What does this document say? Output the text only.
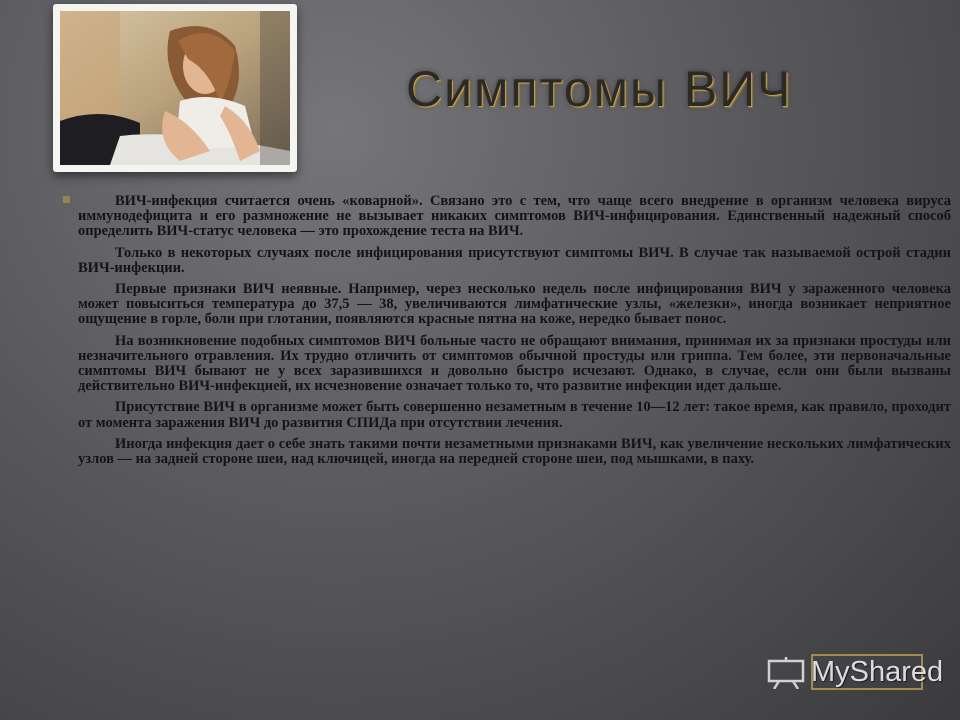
Симптомы ВИЧ
■	ВИЧ-инфекция считается очень «коварной». Связано это с тем, что чаще всего внедрение в организм человека вируса иммунодефицита и его размножение не вызывает никаких симптомов ВИЧ-инфицирования. Единственный надежный способ определить ВИЧ-статус человека — это прохождение теста на ВИЧ.

Только в некоторых случаях после инфицирования присутствуют симптомы ВИЧ. В случае так называемой острой стадии ВИЧ-инфекции.

Первые признаки ВИЧ неявные. Например, через несколько недель после инфицирования ВИЧ у зараженного человека может повыситься температура до 37,5 — 38, увеличиваются лимфатические узлы, «железки», иногда возникает неприятное ощущение в горле, боли при глотании, появляются красные пятна на коже, нередко бывает понос.

На возникновение подобных симптомов ВИЧ больные часто не обращают внимания, принимая их за признаки простуды или незначительного отравления. Их трудно отличить от симптомов обычной простуды или гриппа. Тем более, эти первоначальные симптомы ВИЧ бывают не у всех заразившихся и довольно быстро исчезают. Однако, в случае, если они были вызваны действительно ВИЧ-инфекцией, их исчезновение означает только то, что развитие инфекции идет дальше.

Присутствие ВИЧ в организме может быть совершенно незаметным в течение 10—12 лет: такое время, как правило, проходит от момента заражения ВИЧ до развития СПИДа при отсутствии лечения.

Иногда инфекция дает о себе знать такими почти незаметными признаками ВИЧ, как увеличение нескольких лимфатических узлов — на задней стороне шеи, над ключицей, иногда на передней стороне шеи, под мышками, в паху.

MyShared
